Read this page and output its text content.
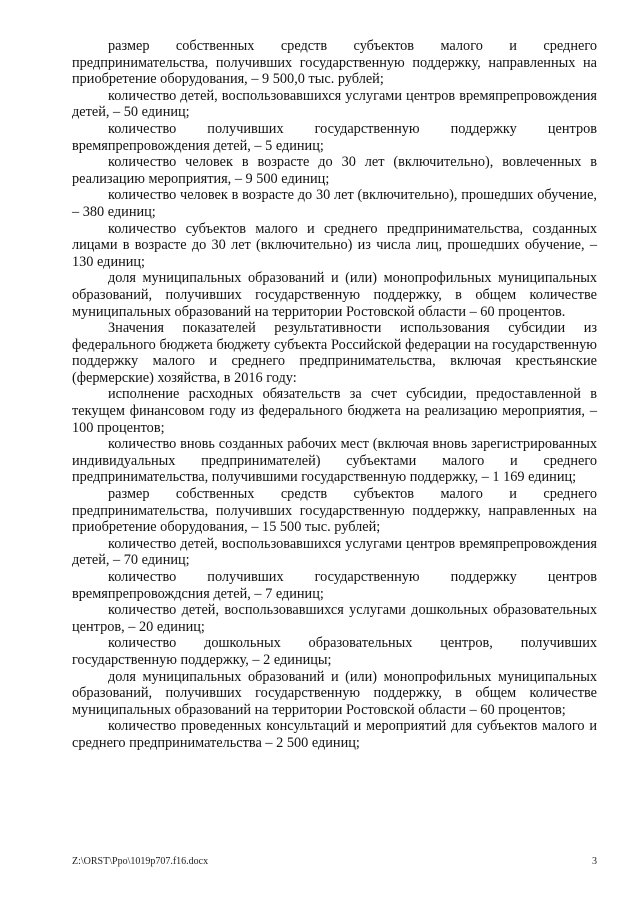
размер собственных средств субъектов малого и среднего предпринимательства, получивших государственную поддержку, направленных на приобретение оборудования, – 9 500,0 тыс. рублей;

количество детей, воспользовавшихся услугами центров времяпрепровождения детей, – 50 единиц;

количество получивших государственную поддержку центров времяпрепровождения детей, – 5 единиц;

количество человек в возрасте до 30 лет (включительно), вовлеченных в реализацию мероприятия, – 9 500 единиц;

количество человек в возрасте до 30 лет (включительно), прошедших обучение, – 380 единиц;

количество субъектов малого и среднего предпринимательства, созданных лицами в возрасте до 30 лет (включительно) из числа лиц, прошедших обучение, – 130 единиц;

доля муниципальных образований и (или) монопрофильных муниципальных образований, получивших государственную поддержку, в общем количестве муниципальных образований на территории Ростовской области – 60 процентов.

Значения показателей результативности использования субсидии из федерального бюджета бюджету субъекта Российской федерации на государственную поддержку малого и среднего предпринимательства, включая крестьянские (фермерские) хозяйства, в 2016 году:

исполнение расходных обязательств за счет субсидии, предоставленной в текущем финансовом году из федерального бюджета на реализацию мероприятия, – 100 процентов;

количество вновь созданных рабочих мест (включая вновь зарегистрированных индивидуальных предпринимателей) субъектами малого и среднего предпринимательства, получившими государственную поддержку, – 1 169 единиц;

размер собственных средств субъектов малого и среднего предпринимательства, получивших государственную поддержку, направленных на приобретение оборудования, – 15 500 тыс. рублей;

количество детей, воспользовавшихся услугами центров времяпрепровождения детей, – 70 единиц;

количество получивших государственную поддержку центров времяпрепровождсния детей, – 7 единиц;

количество детей, воспользовавшихся услугами дошкольных образовательных центров, – 20 единиц;

количество дошкольных образовательных центров, получивших государственную поддержку, – 2 единицы;

доля муниципальных образований и (или) монопрофильных муниципальных образований, получивших государственную поддержку, в общем количестве муниципальных образований на территории Ростовской области – 60 процентов;

количество проведенных консультаций и мероприятий для субъектов малого и среднего предпринимательства – 2 500 единиц;

Z:\ORST\Ppo\1019p707.f16.docx	3
